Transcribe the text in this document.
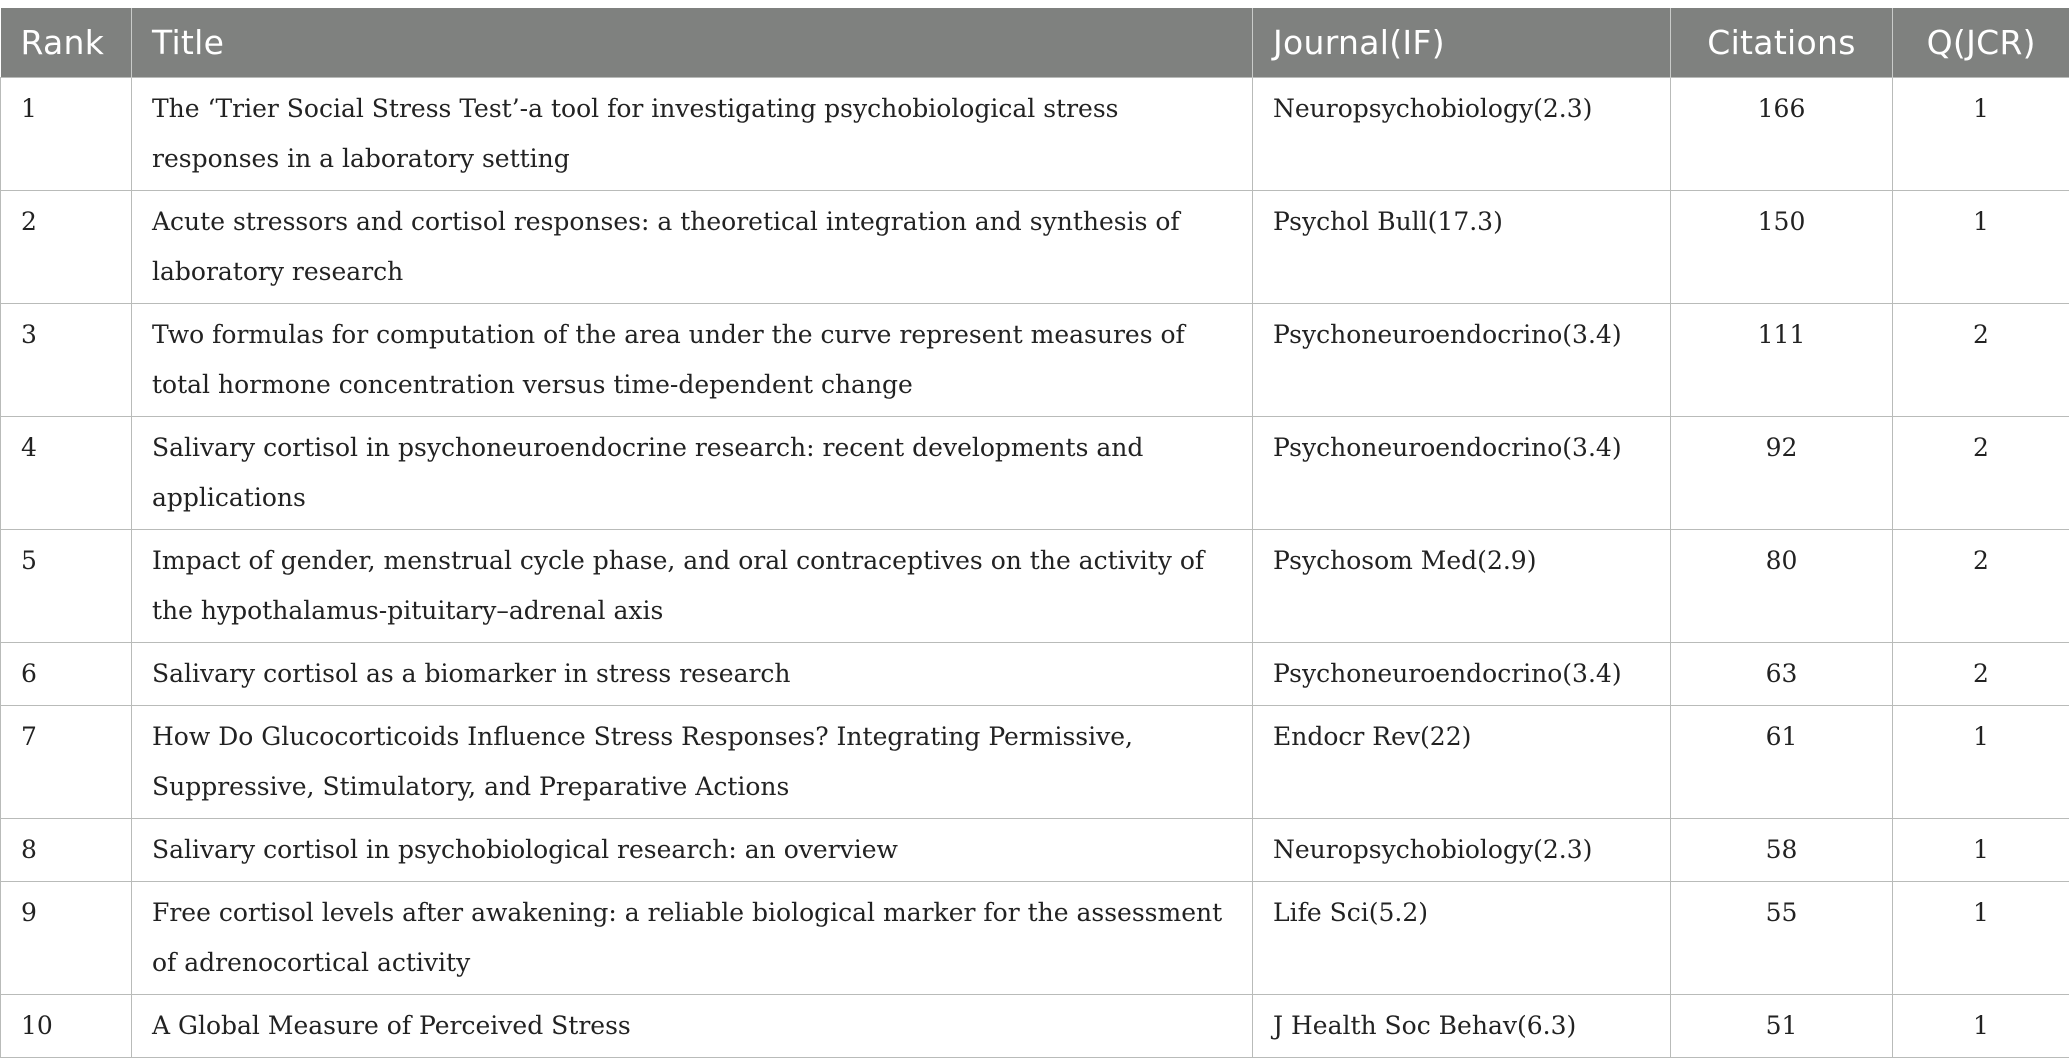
Rank	Title	Journal(IF)	Citations	Q(JCR)
1	The ‘Trier Social Stress Test’-a tool for investigating psychobiological stress responses in a laboratory setting	Neuropsychobiology(2.3)	166	1
2	Acute stressors and cortisol responses: a theoretical integration and synthesis of laboratory research	Psychol Bull(17.3)	150	1
3	Two formulas for computation of the area under the curve represent measures of total hormone concentration versus time-dependent change	Psychoneuroendocrino(3.4)	111	2
4	Salivary cortisol in psychoneuroendocrine research: recent developments and applications	Psychoneuroendocrino(3.4)	92	2
5	Impact of gender, menstrual cycle phase, and oral contraceptives on the activity of the hypothalamus-pituitary–adrenal axis	Psychosom Med(2.9)	80	2
6	Salivary cortisol as a biomarker in stress research	Psychoneuroendocrino(3.4)	63	2
7	How Do Glucocorticoids Influence Stress Responses? Integrating Permissive, Suppressive, Stimulatory, and Preparative Actions	Endocr Rev(22)	61	1
8	Salivary cortisol in psychobiological research: an overview	Neuropsychobiology(2.3)	58	1
9	Free cortisol levels after awakening: a reliable biological marker for the assessment of adrenocortical activity	Life Sci(5.2)	55	1
10	A Global Measure of Perceived Stress	J Health Soc Behav(6.3)	51	1
